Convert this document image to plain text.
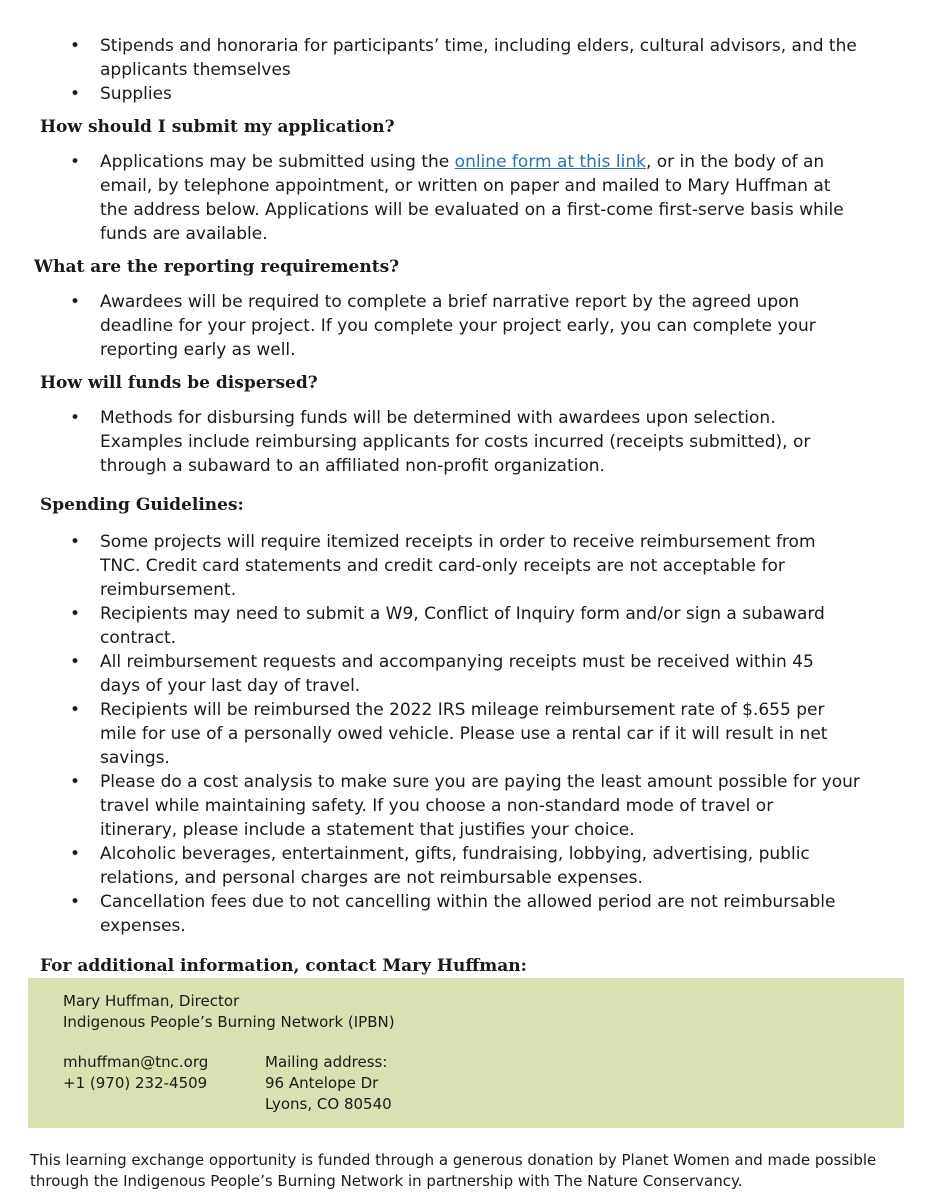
• Stipends and honoraria for participants’ time, including elders, cultural advisors, and the
applicants themselves
• Supplies
How should I submit my application?
• Applications may be submitted using the online form at this link, or in the body of an
email, by telephone appointment, or written on paper and mailed to Mary Huffman at
the address below. Applications will be evaluated on a first-come first-serve basis while
funds are available.
What are the reporting requirements?
• Awardees will be required to complete a brief narrative report by the agreed upon
deadline for your project. If you complete your project early, you can complete your
reporting early as well.
How will funds be dispersed?
• Methods for disbursing funds will be determined with awardees upon selection.
Examples include reimbursing applicants for costs incurred (receipts submitted), or
through a subaward to an affiliated non-profit organization.
Spending Guidelines:
• Some projects will require itemized receipts in order to receive reimbursement from
TNC. Credit card statements and credit card-only receipts are not acceptable for
reimbursement.
• Recipients may need to submit a W9, Conflict of Inquiry form and/or sign a subaward
contract.
• All reimbursement requests and accompanying receipts must be received within 45
days of your last day of travel.
• Recipients will be reimbursed the 2022 IRS mileage reimbursement rate of $.655 per
mile for use of a personally owed vehicle. Please use a rental car if it will result in net
savings.
• Please do a cost analysis to make sure you are paying the least amount possible for your
travel while maintaining safety. If you choose a non-standard mode of travel or
itinerary, please include a statement that justifies your choice.
• Alcoholic beverages, entertainment, gifts, fundraising, lobbying, advertising, public
relations, and personal charges are not reimbursable expenses.
• Cancellation fees due to not cancelling within the allowed period are not reimbursable
expenses.
For additional information, contact Mary Huffman:
Mary Huffman, Director
Indigenous People’s Burning Network (IPBN)
mhuffman@tnc.org
+1 (970) 232-4509
Mailing address:
96 Antelope Dr
Lyons, CO 80540

This learning exchange opportunity is funded through a generous donation by Planet Women and made possible through the Indigenous People’s Burning Network in partnership with The Nature Conservancy.
